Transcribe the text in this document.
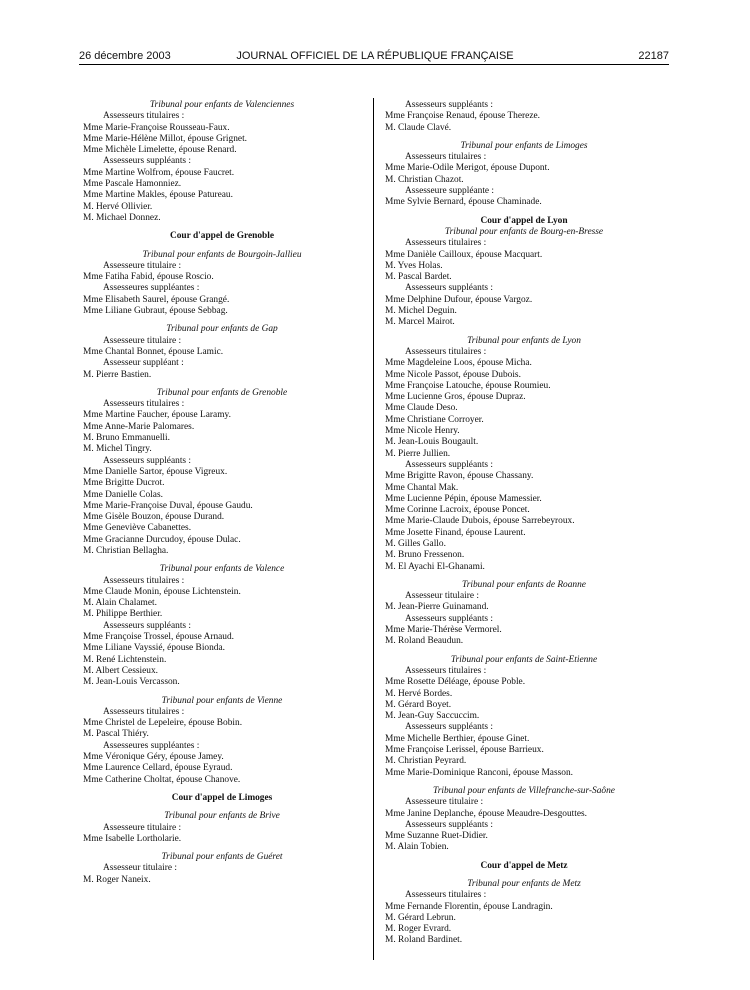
26 décembre 2003	JOURNAL OFFICIEL DE LA RÉPUBLIQUE FRANÇAISE	22187
Tribunal pour enfants de Valenciennes
Assesseurs titulaires :
Mme Marie-Françoise Rousseau-Faux.
Mme Marie-Hélène Millot, épouse Grignet.
Mme Michèle Limelette, épouse Renard.
Assesseurs suppléants :
Mme Martine Wolfrom, épouse Faucret.
Mme Pascale Hamonniez.
Mme Martine Makles, épouse Patureau.
M. Hervé Ollivier.
M. Michael Donnez.
Cour d'appel de Grenoble
Tribunal pour enfants de Bourgoin-Jallieu
Assesseure titulaire :
Mme Fatiha Fabid, épouse Roscio.
Assesseures suppléantes :
Mme Elisabeth Saurel, épouse Grangé.
Mme Liliane Gubraut, épouse Sebbag.
Tribunal pour enfants de Gap
Assesseure titulaire :
Mme Chantal Bonnet, épouse Lamic.
Assesseur suppléant :
M. Pierre Bastien.
Tribunal pour enfants de Grenoble
Assesseurs titulaires :
Mme Martine Faucher, épouse Laramy.
Mme Anne-Marie Palomares.
M. Bruno Emmanuelli.
M. Michel Tingry.
Assesseurs suppléants :
Mme Danielle Sartor, épouse Vigreux.
Mme Brigitte Ducrot.
Mme Danielle Colas.
Mme Marie-Françoise Duval, épouse Gaudu.
Mme Gisèle Bouzon, épouse Durand.
Mme Geneviève Cabanettes.
Mme Gracianne Durcudoy, épouse Dulac.
M. Christian Bellagha.
Tribunal pour enfants de Valence
Assesseurs titulaires :
Mme Claude Monin, épouse Lichtenstein.
M. Alain Chalamet.
M. Philippe Berthier.
Assesseurs suppléants :
Mme Françoise Trossel, épouse Arnaud.
Mme Liliane Vayssié, épouse Bionda.
M. René Lichtenstein.
M. Albert Cessieux.
M. Jean-Louis Vercasson.
Tribunal pour enfants de Vienne
Assesseurs titulaires :
Mme Christel de Lepeleire, épouse Bobin.
M. Pascal Thiéry.
Assesseures suppléantes :
Mme Véronique Géry, épouse Jamey.
Mme Laurence Cellard, épouse Eyraud.
Mme Catherine Choltat, épouse Chanove.
Cour d'appel de Limoges
Tribunal pour enfants de Brive
Assesseure titulaire :
Mme Isabelle Lortholarie.
Tribunal pour enfants de Guéret
Assesseur titulaire :
M. Roger Naneix.
Assesseurs suppléants :
Mme Françoise Renaud, épouse Thereze.
M. Claude Clavé.
Tribunal pour enfants de Limoges
Assesseurs titulaires :
Mme Marie-Odile Merigot, épouse Dupont.
M. Christian Chazot.
Assesseure suppléante :
Mme Sylvie Bernard, épouse Chaminade.
Cour d'appel de Lyon
Tribunal pour enfants de Bourg-en-Bresse
Assesseurs titulaires :
Mme Danièle Cailloux, épouse Macquart.
M. Yves Holas.
M. Pascal Bardet.
Assesseurs suppléants :
Mme Delphine Dufour, épouse Vargoz.
M. Michel Deguin.
M. Marcel Mairot.
Tribunal pour enfants de Lyon
Assesseurs titulaires :
Mme Magdeleine Loos, épouse Micha.
Mme Nicole Passot, épouse Dubois.
Mme Françoise Latouche, épouse Roumieu.
Mme Lucienne Gros, épouse Dupraz.
Mme Claude Deso.
Mme Christiane Corroyer.
Mme Nicole Henry.
M. Jean-Louis Bougault.
M. Pierre Jullien.
Assesseurs suppléants :
Mme Brigitte Ravon, épouse Chassany.
Mme Chantal Mak.
Mme Lucienne Pépin, épouse Mamessier.
Mme Corinne Lacroix, épouse Poncet.
Mme Marie-Claude Dubois, épouse Sarrebeyroux.
Mme Josette Finand, épouse Laurent.
M. Gilles Gallo.
M. Bruno Fressenon.
M. El Ayachi El-Ghanami.
Tribunal pour enfants de Roanne
Assesseur titulaire :
M. Jean-Pierre Guinamand.
Assesseurs suppléants :
Mme Marie-Thérèse Vermorel.
M. Roland Beaudun.
Tribunal pour enfants de Saint-Etienne
Assesseurs titulaires :
Mme Rosette Déléage, épouse Poble.
M. Hervé Bordes.
M. Gérard Boyet.
M. Jean-Guy Saccuccim.
Assesseurs suppléants :
Mme Michelle Berthier, épouse Ginet.
Mme Françoise Lerissel, épouse Barrieux.
M. Christian Peyrard.
Mme Marie-Dominique Ranconi, épouse Masson.
Tribunal pour enfants de Villefranche-sur-Saône
Assesseure titulaire :
Mme Janine Deplanche, épouse Meaudre-Desgouttes.
Assesseurs suppléants :
Mme Suzanne Ruet-Didier.
M. Alain Tobien.
Cour d'appel de Metz
Tribunal pour enfants de Metz
Assesseurs titulaires :
Mme Fernande Florentin, épouse Landragin.
M. Gérard Lebrun.
M. Roger Evrard.
M. Roland Bardinet.
